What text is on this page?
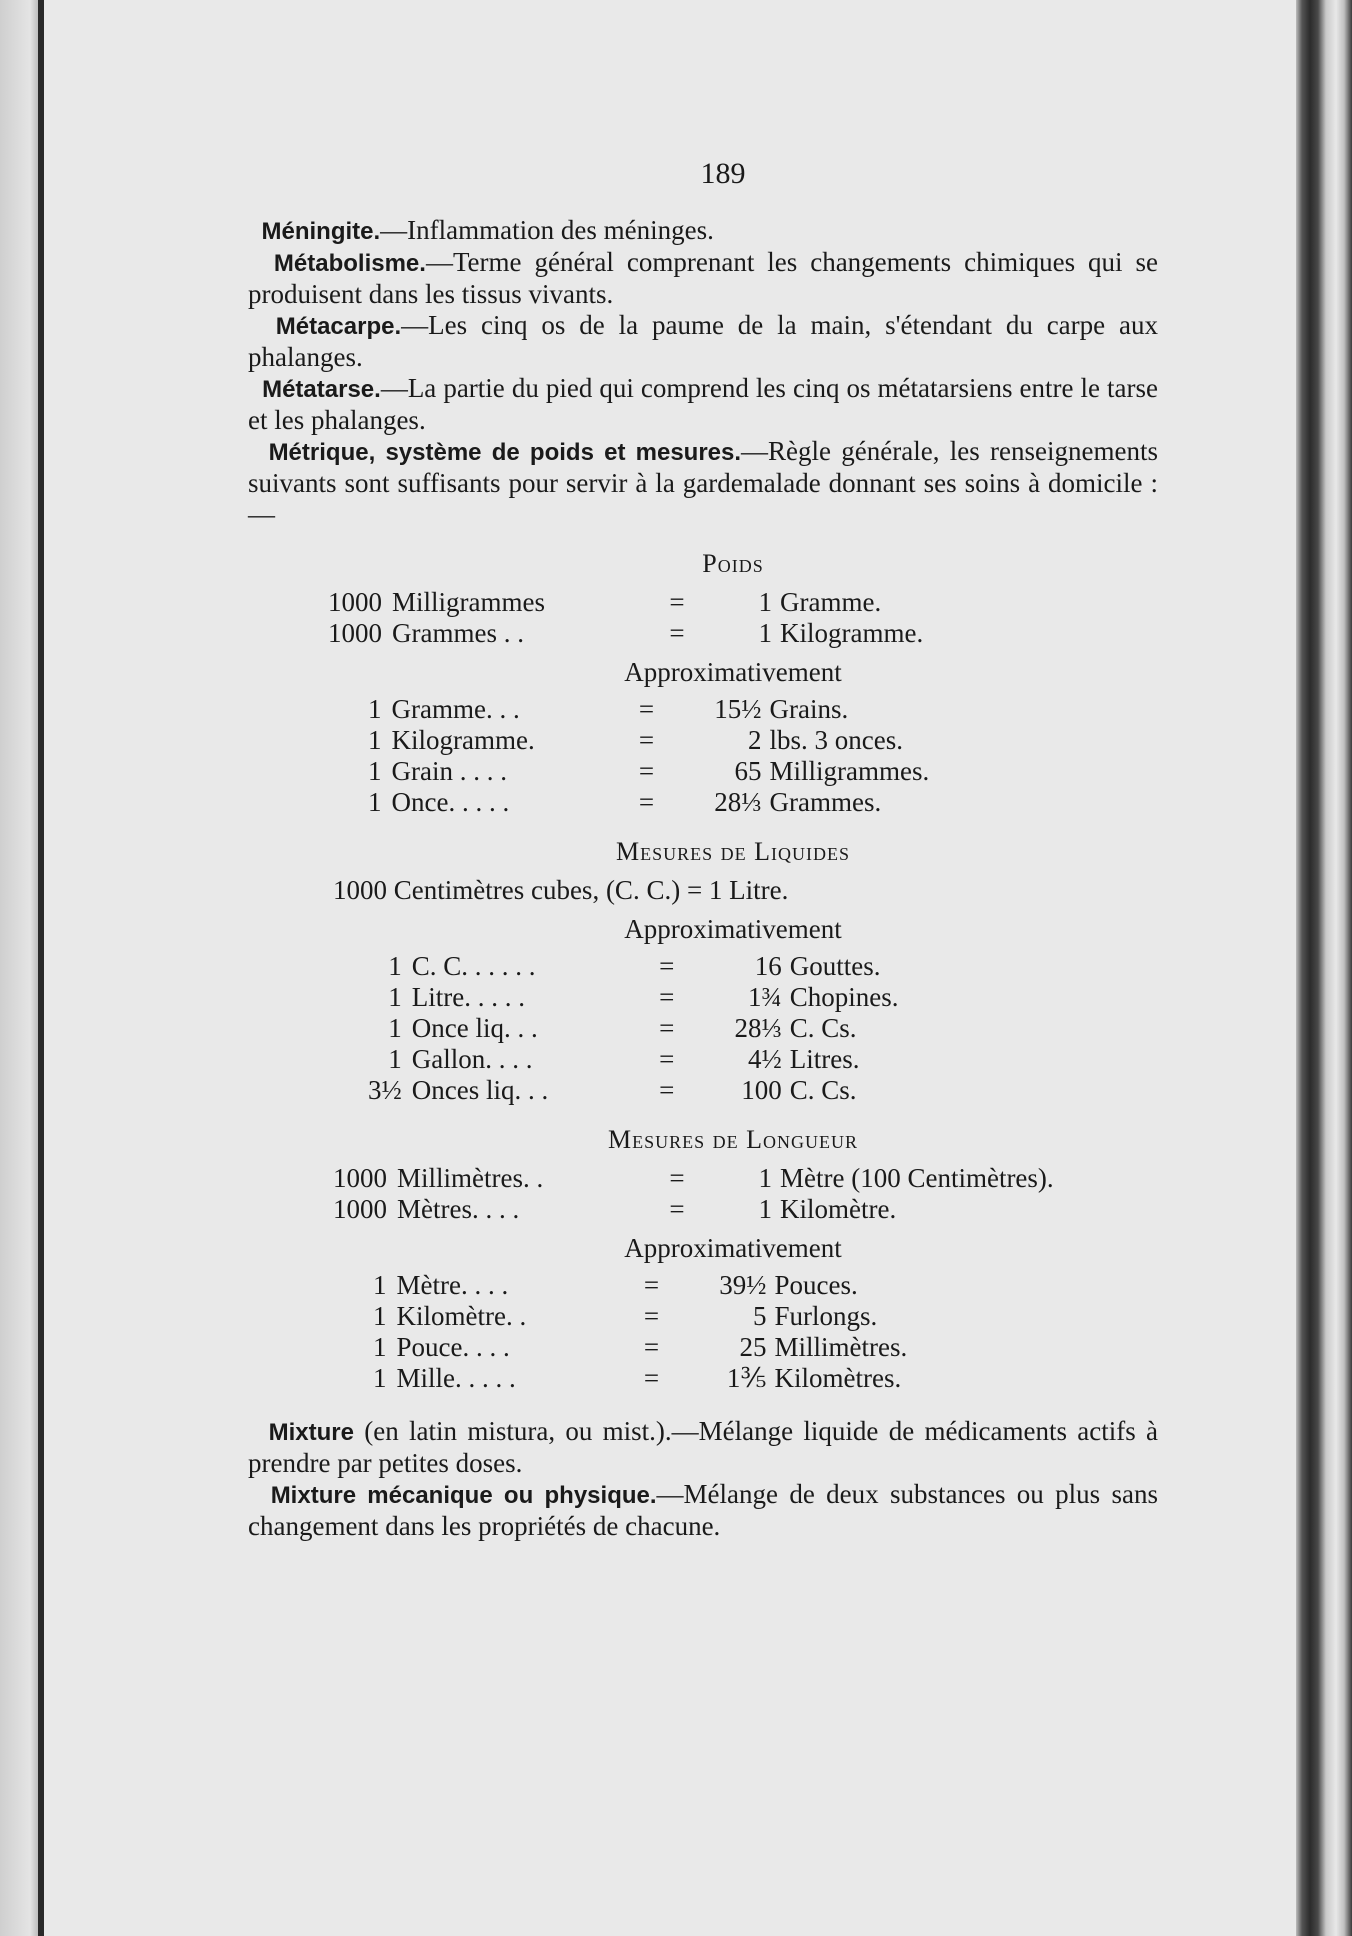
189
Méningite.—Inflammation des méninges.
Métabolisme.—Terme général comprenant les changements chimiques qui se produisent dans les tissus vivants.
Métacarpe.—Les cinq os de la paume de la main, s'étendant du carpe aux phalanges.
Métatarse.—La partie du pied qui comprend les cinq os métatarsiens entre le tarse et les phalanges.
Métrique, système de poids et mesures.—Règle générale, les renseignements suivants sont suffisants pour servir à la gardemalade donnant ses soins à domicile :—
Poids
1000	Milligrammes	=	1	Gramme.
1000	Grammes . .	=	1	Kilogramme.
Approximativement
1	Gramme. . .	=	15½	Grains.
1	Kilogramme.	=	2	lbs. 3 onces.
1	Grain . . . .	=	65	Milligrammes.
1	Once. . . . .	=	28⅓	Grammes.
Mesures de Liquides
1000 Centimètres cubes, (C. C.) = 1 Litre.
Approximativement
1	C. C. . . . . .	=	16	Gouttes.
1	Litre. . . . .	=	1¾	Chopines.
1	Once liq. . .	=	28⅓	C. Cs.
1	Gallon. . . .	=	4½	Litres.
3½	Onces liq. . .	=	100	C. Cs.
Mesures de Longueur
1000	Millimètres. .	=	1	Mètre (100 Centimètres).
1000	Mètres. . . .	=	1	Kilomètre.
Approximativement
1	Mètre. . . .	=	39½	Pouces.
1	Kilomètre. .	=	5	Furlongs.
1	Pouce. . . .	=	25	Millimètres.
1	Mille. . . . .	=	1⅗	Kilomètres.
Mixture (en latin mistura, ou mist.).—Mélange liquide de médicaments actifs à prendre par petites doses.
Mixture mécanique ou physique.—Mélange de deux substances ou plus sans changement dans les propriétés de chacune.
